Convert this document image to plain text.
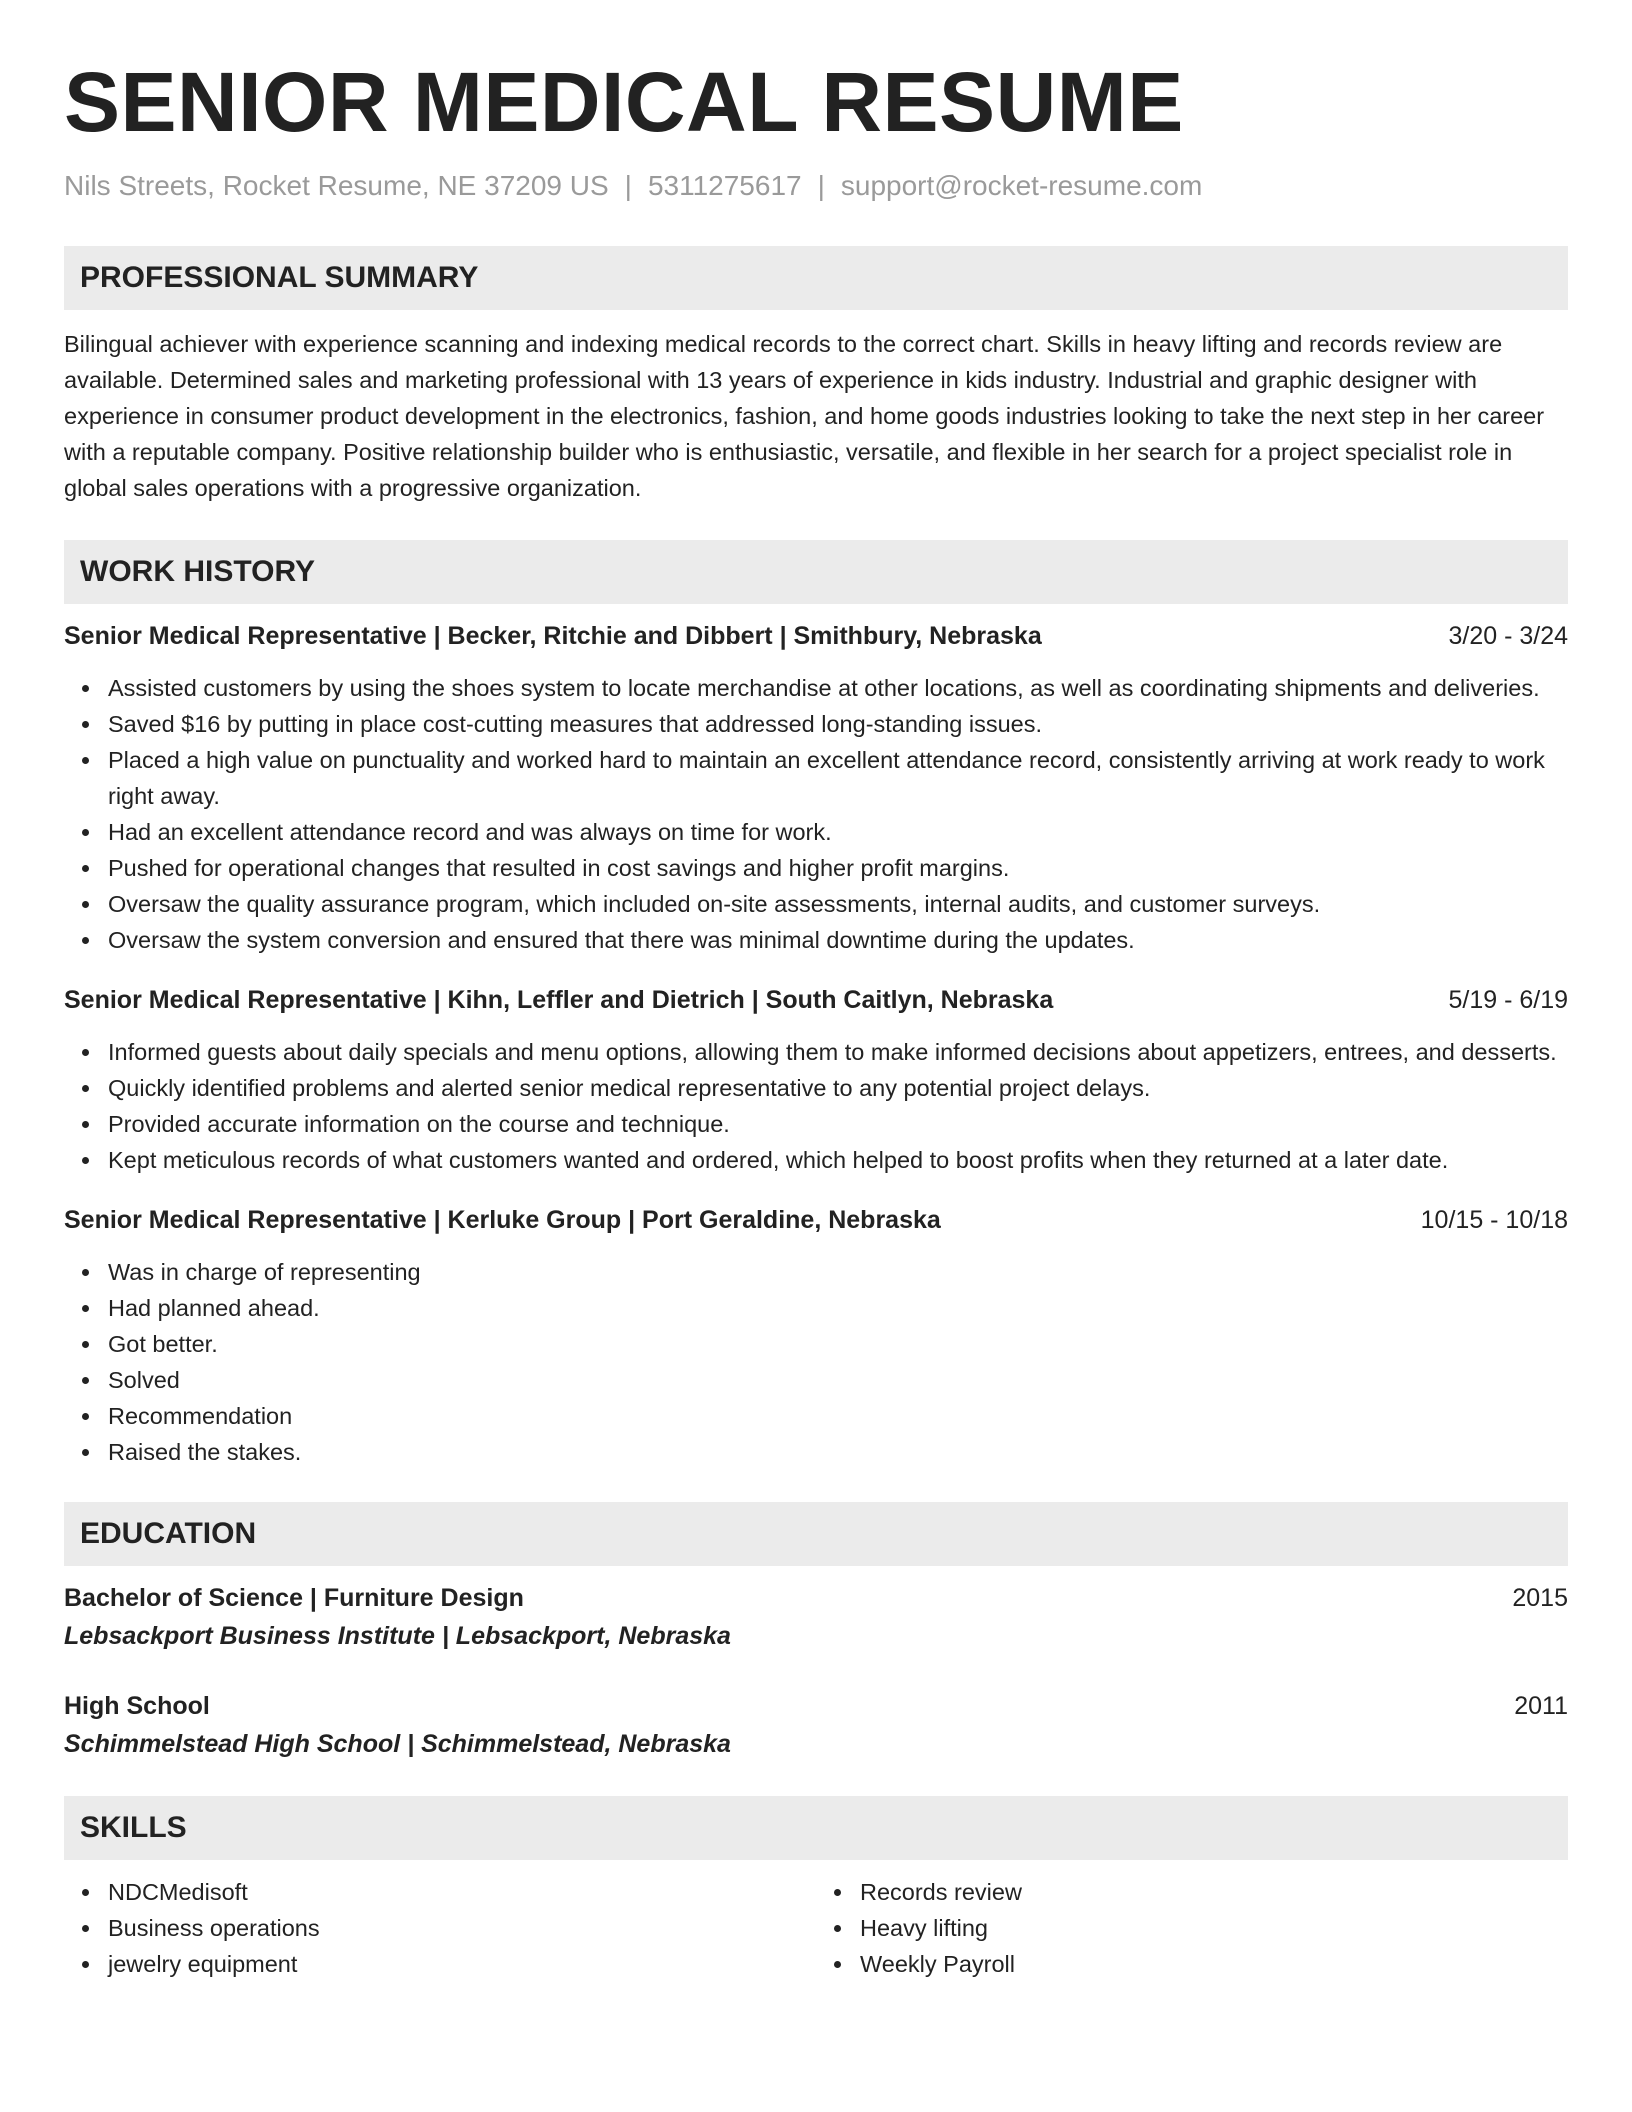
SENIOR MEDICAL RESUME
Nils Streets, Rocket Resume, NE 37209 US | 5311275617 | support@rocket-resume.com
PROFESSIONAL SUMMARY
Bilingual achiever with experience scanning and indexing medical records to the correct chart. Skills in heavy lifting and records review are available. Determined sales and marketing professional with 13 years of experience in kids industry. Industrial and graphic designer with experience in consumer product development in the electronics, fashion, and home goods industries looking to take the next step in her career with a reputable company. Positive relationship builder who is enthusiastic, versatile, and flexible in her search for a project specialist role in global sales operations with a progressive organization.
WORK HISTORY
Senior Medical Representative | Becker, Ritchie and Dibbert | Smithbury, Nebraska	3/20 - 3/24
Assisted customers by using the shoes system to locate merchandise at other locations, as well as coordinating shipments and deliveries.
Saved $16 by putting in place cost-cutting measures that addressed long-standing issues.
Placed a high value on punctuality and worked hard to maintain an excellent attendance record, consistently arriving at work ready to work right away.
Had an excellent attendance record and was always on time for work.
Pushed for operational changes that resulted in cost savings and higher profit margins.
Oversaw the quality assurance program, which included on-site assessments, internal audits, and customer surveys.
Oversaw the system conversion and ensured that there was minimal downtime during the updates.
Senior Medical Representative | Kihn, Leffler and Dietrich | South Caitlyn, Nebraska	5/19 - 6/19
Informed guests about daily specials and menu options, allowing them to make informed decisions about appetizers, entrees, and desserts.
Quickly identified problems and alerted senior medical representative to any potential project delays.
Provided accurate information on the course and technique.
Kept meticulous records of what customers wanted and ordered, which helped to boost profits when they returned at a later date.
Senior Medical Representative | Kerluke Group | Port Geraldine, Nebraska	10/15 - 10/18
Was in charge of representing
Had planned ahead.
Got better.
Solved
Recommendation
Raised the stakes.
EDUCATION
Bachelor of Science | Furniture Design	2015
Lebsackport Business Institute | Lebsackport, Nebraska
High School	2011
Schimmelstead High School | Schimmelstead, Nebraska
SKILLS
NDCMedisoft
Business operations
jewelry equipment
Records review
Heavy lifting
Weekly Payroll
